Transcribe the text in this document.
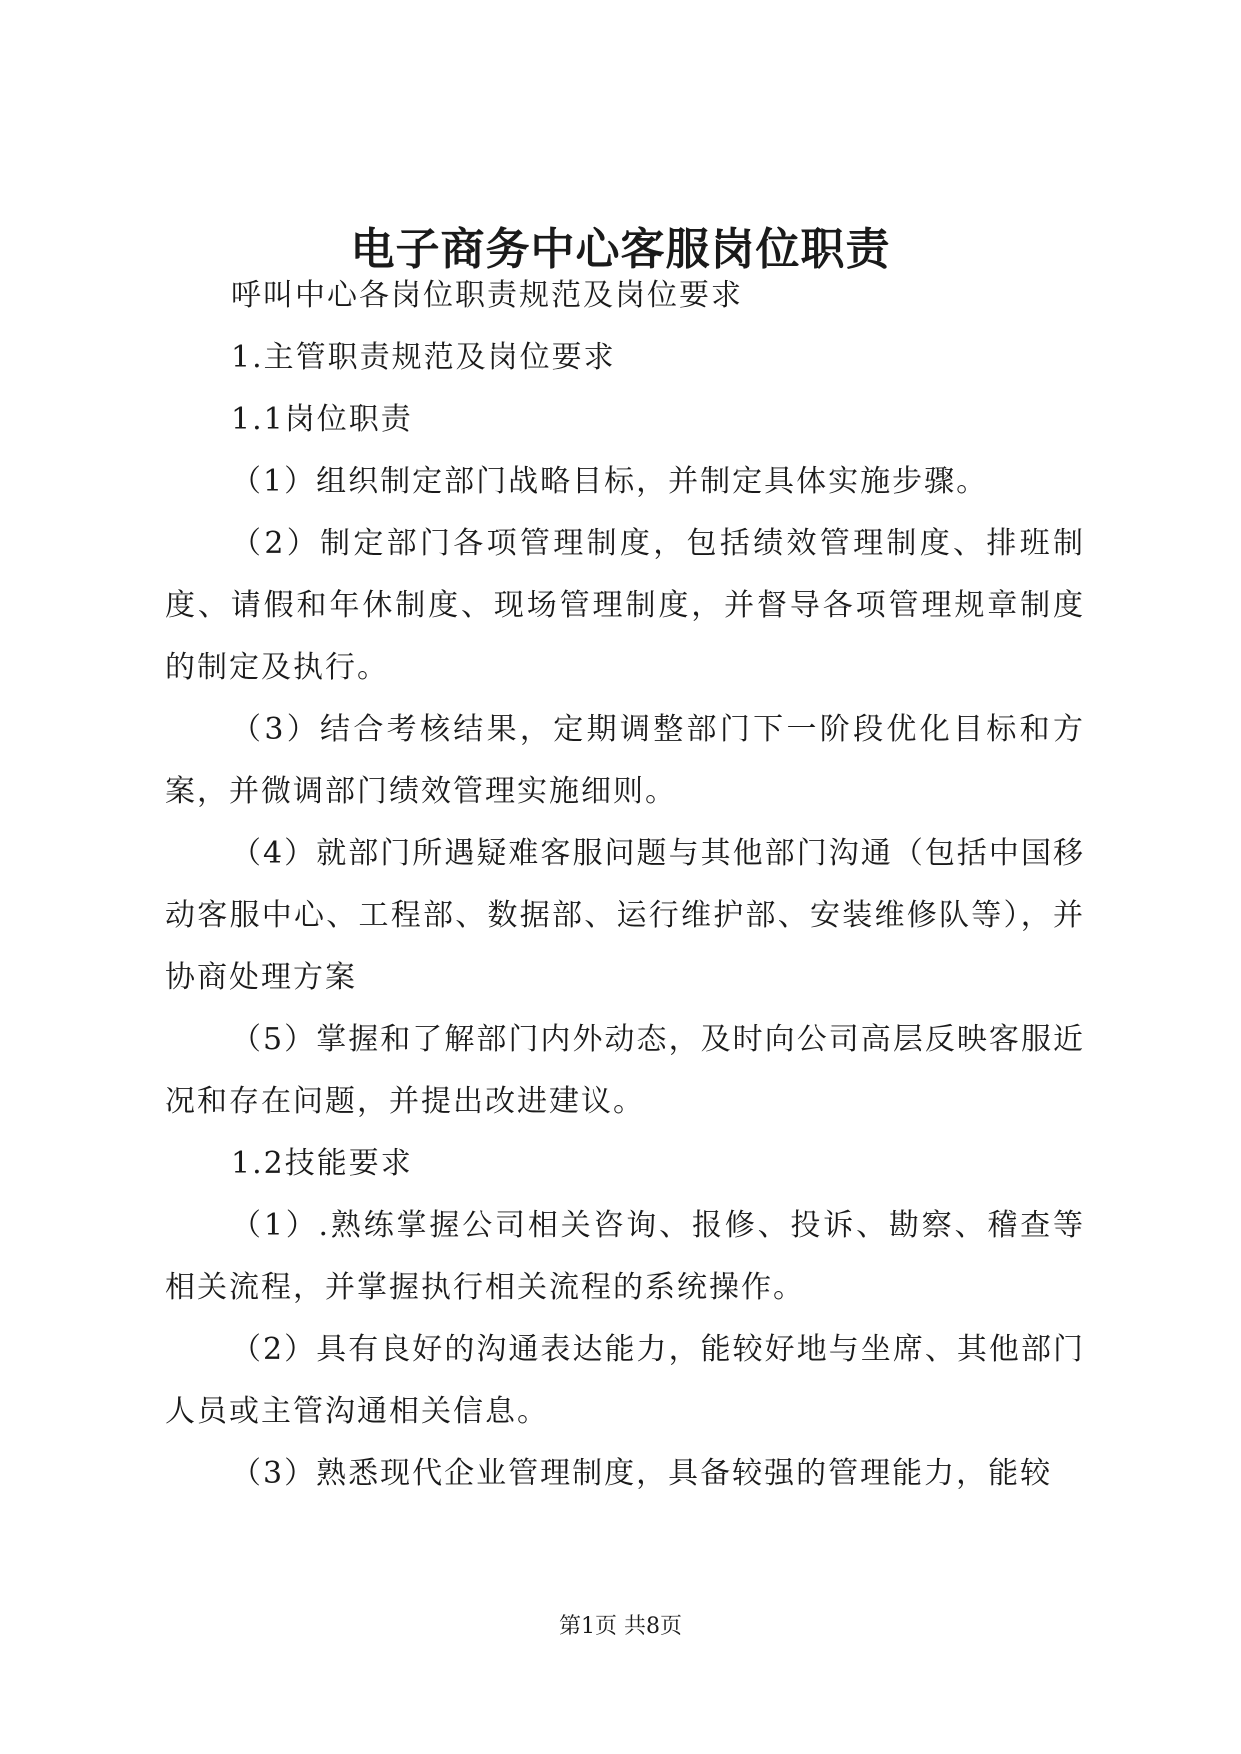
电子商务中心客服岗位职责

呼叫中心各岗位职责规范及岗位要求

1.主管职责规范及岗位要求

1.1岗位职责

（1）组织制定部门战略目标，并制定具体实施步骤。

（2）制定部门各项管理制度，包括绩效管理制度、排班制度、请假和年休制度、现场管理制度，并督导各项管理规章制度的制定及执行。

（3）结合考核结果，定期调整部门下一阶段优化目标和方案，并微调部门绩效管理实施细则。

（4）就部门所遇疑难客服问题与其他部门沟通（包括中国移动客服中心、工程部、数据部、运行维护部、安装维修队等），并协商处理方案

（5）掌握和了解部门内外动态，及时向公司高层反映客服近况和存在问题，并提出改进建议。

1.2技能要求

（1）.熟练掌握公司相关咨询、报修、投诉、勘察、稽查等相关流程，并掌握执行相关流程的系统操作。

（2）具有良好的沟通表达能力，能较好地与坐席、其他部门人员或主管沟通相关信息。

（3）熟悉现代企业管理制度，具备较强的管理能力，能较

第1页 共8页
